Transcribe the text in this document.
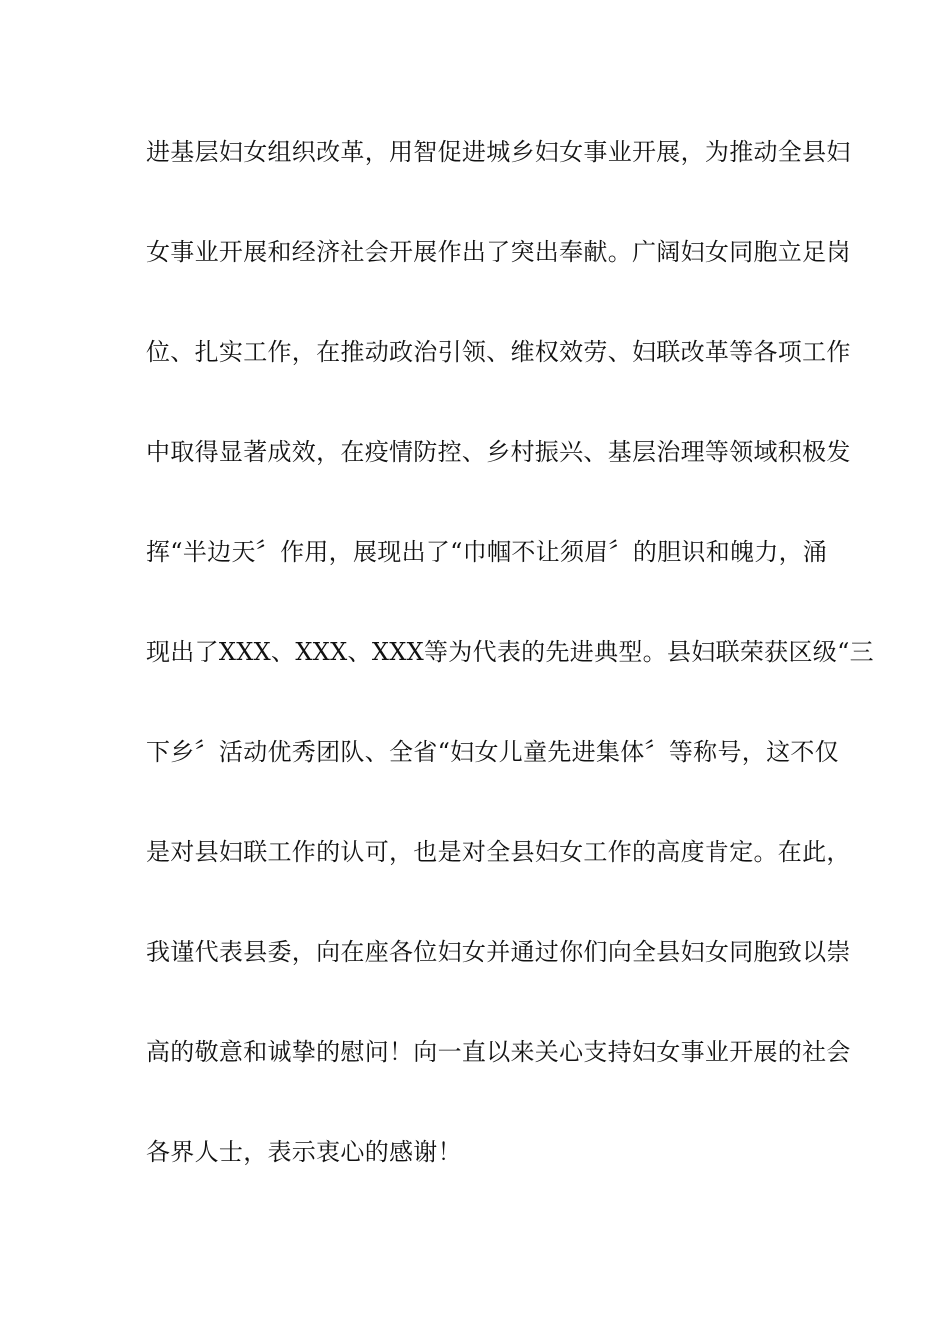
进基层妇女组织改革，用智促进城乡妇女事业开展，为推动全县妇
女事业开展和经济社会开展作出了突出奉献。广阔妇女同胞立足岗
位、扎实工作，在推动政治引领、维权效劳、妇联改革等各项工作
中取得显著成效，在疫情防控、乡村振兴、基层治理等领域积极发
挥“半边天〞作用，展现出了“巾帼不让须眉〞的胆识和魄力，涌
现出了XXX、XXX、XXX等为代表的先进典型。县妇联荣获区级“三
下乡〞活动优秀团队、全省“妇女儿童先进集体〞等称号，这不仅
是对县妇联工作的认可，也是对全县妇女工作的高度肯定。在此，
我谨代表县委，向在座各位妇女并通过你们向全县妇女同胞致以崇
高的敬意和诚挚的慰问！向一直以来关心支持妇女事业开展的社会
各界人士，表示衷心的感谢！
